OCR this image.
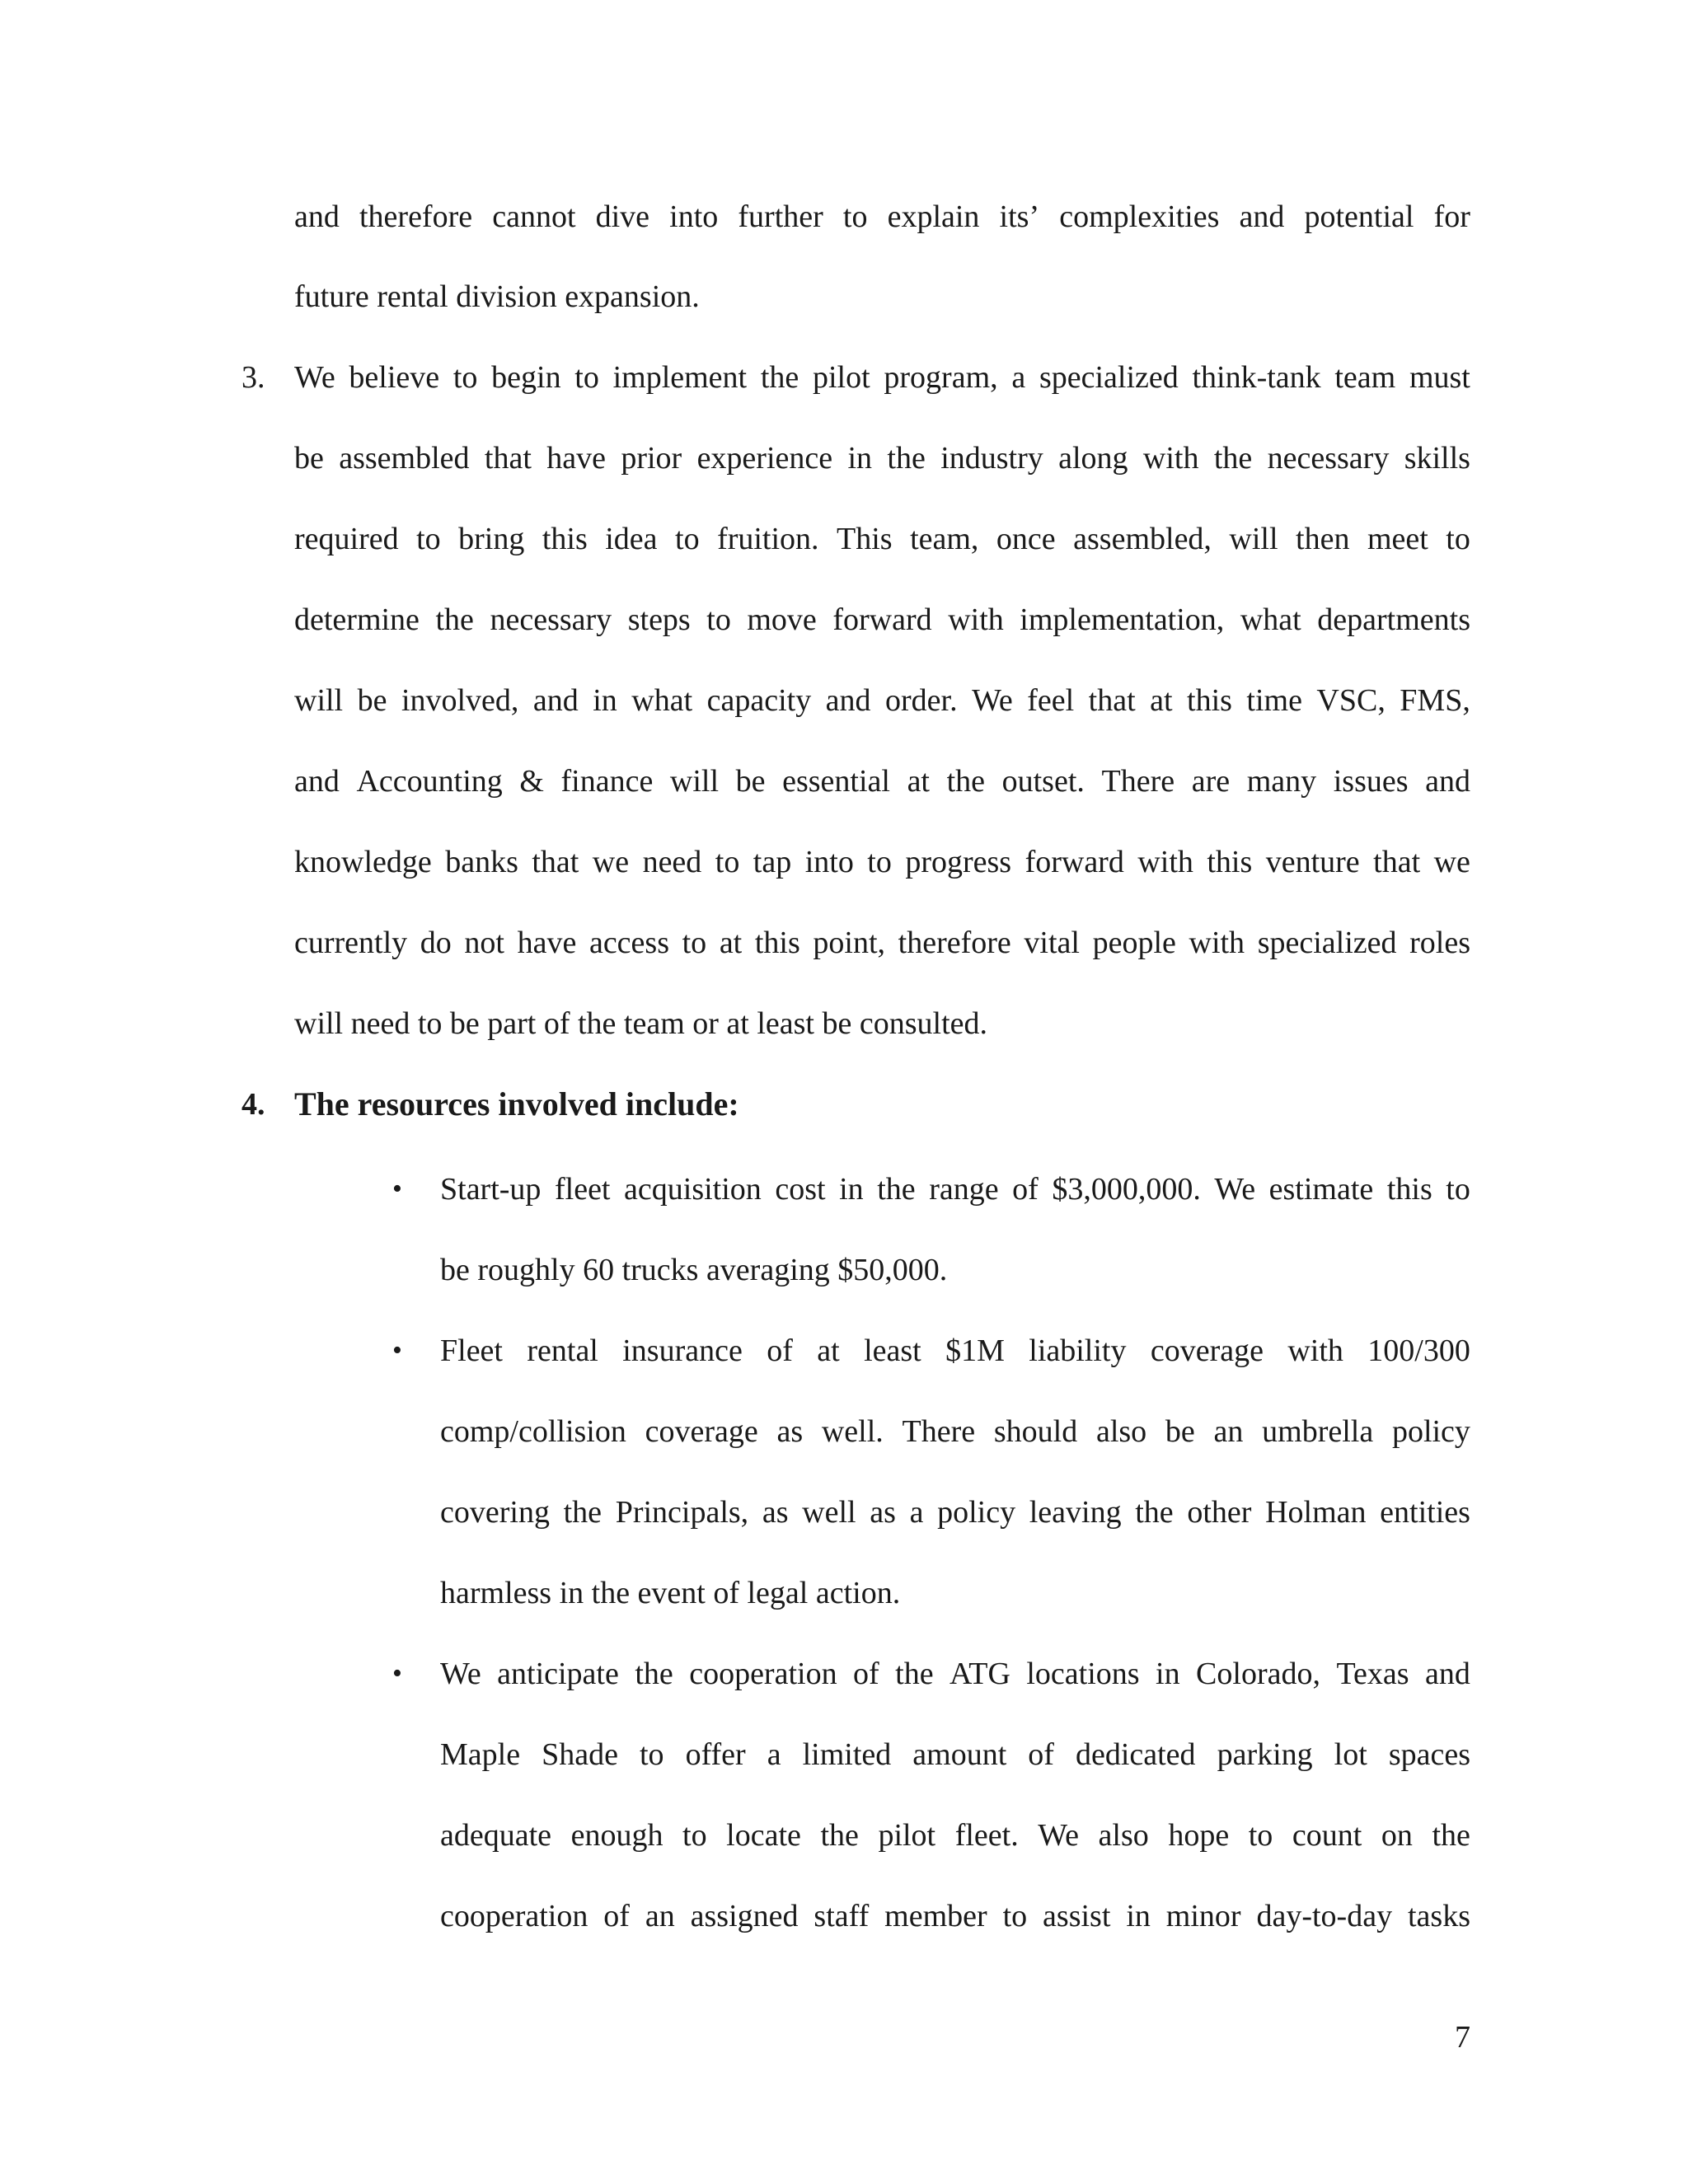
and therefore cannot dive into further to explain its’ complexities and potential for
future rental division expansion.
3. We believe to begin to implement the pilot program, a specialized think-tank team must
be assembled that have prior experience in the industry along with the necessary skills
required to bring this idea to fruition. This team, once assembled, will then meet to
determine the necessary steps to move forward with implementation, what departments
will be involved, and in what capacity and order. We feel that at this time VSC, FMS,
and Accounting & finance will be essential at the outset. There are many issues and
knowledge banks that we need to tap into to progress forward with this venture that we
currently do not have access to at this point, therefore vital people with specialized roles
will need to be part of the team or at least be consulted.
4. The resources involved include:
• Start-up fleet acquisition cost in the range of $3,000,000. We estimate this to
be roughly 60 trucks averaging $50,000.
• Fleet rental insurance of at least $1M liability coverage with 100/300
comp/collision coverage as well. There should also be an umbrella policy
covering the Principals, as well as a policy leaving the other Holman entities
harmless in the event of legal action.
• We anticipate the cooperation of the ATG locations in Colorado, Texas and
Maple Shade to offer a limited amount of dedicated parking lot spaces
adequate enough to locate the pilot fleet. We also hope to count on the
cooperation of an assigned staff member to assist in minor day-to-day tasks
7
